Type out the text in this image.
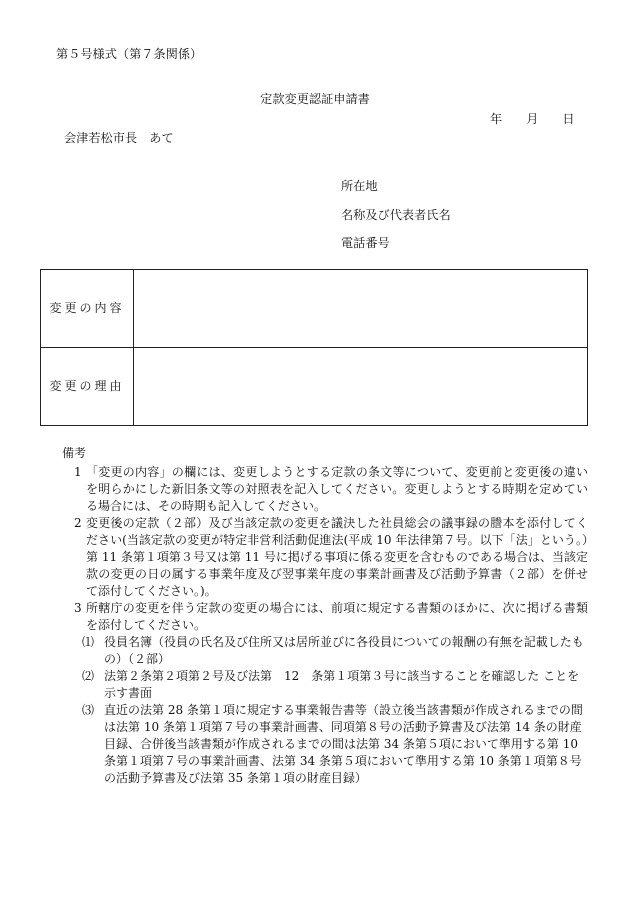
第５号様式（第７条関係）
定款変更認証申請書
年 月 日
会津若松市長　あて
所在地
名称及び代表者氏名
電話番号
変更の内容	
変更の理由	
備考
1 「変更の内容」の欄には、変更しようとする定款の条文等について、変更前と変更後の違いを明らかにした新旧条文等の対照表を記入してください。変更しようとする時期を定めている場合には、その時期も記入してください。
2 変更後の定款（２部）及び当該定款の変更を議決した社員総会の議事録の謄本を添付してください(当該定款の変更が特定非営利活動促進法(平成 10 年法律第７号。以下「法」という。）第 11 条第１項第３号又は第 11 号に掲げる事項に係る変更を含むものである場合は、当該定款の変更の日の属する事業年度及び翌事業年度の事業計画書及び活動予算書（２部）を併せて添付してください。)。
3 所轄庁の変更を伴う定款の変更の場合には、前項に規定する書類のほかに、次に掲げる書類を添付してください。
⑴ 役員名簿（役員の氏名及び住所又は居所並びに各役員についての報酬の有無を記載したもの）（２部）
⑵ 法第２条第２項第２号及び法第　12　条第１項第３号に該当することを確認した ことを示す書面
⑶ 直近の法第 28 条第１項に規定する事業報告書等（設立後当該書類が作成されるまでの間は法第 10 条第１項第７号の事業計画書、同項第８号の活動予算書及び法第 14 条の財産目録、合併後当該書類が作成されるまでの間は法第 34 条第５項において準用する第 10 条第１項第７号の事業計画書、法第 34 条第５項において準用する第 10 条第１項第８号の活動予算書及び法第 35 条第１項の財産目録）
